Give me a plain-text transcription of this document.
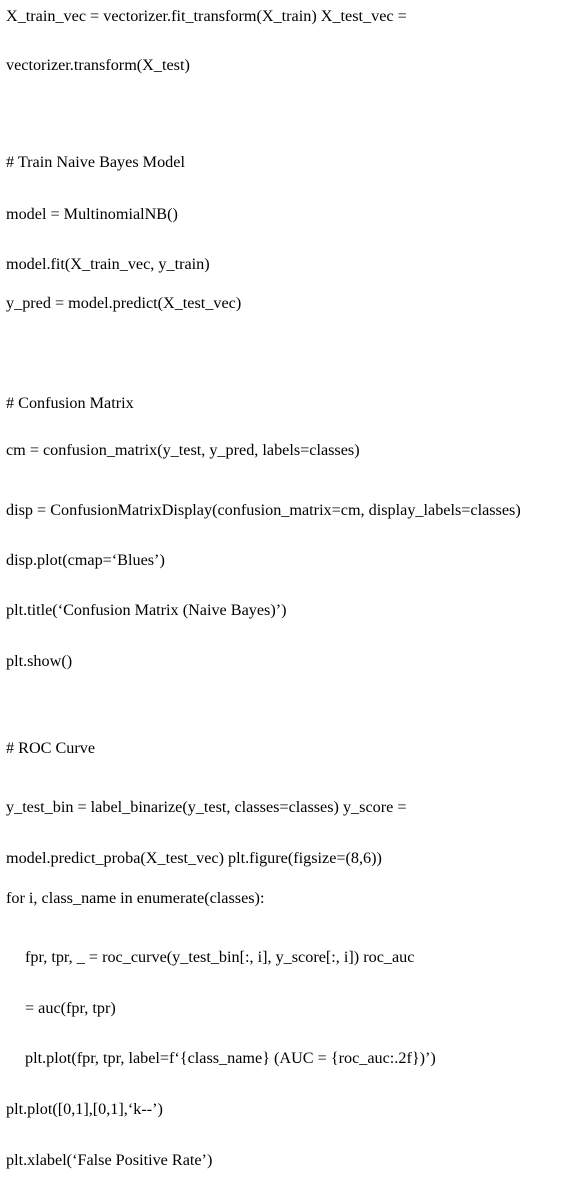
X_train_vec = vectorizer.fit_transform(X_train) X_test_vec =
vectorizer.transform(X_test)
# Train Naive Bayes Model
model = MultinomialNB()
model.fit(X_train_vec, y_train)
y_pred = model.predict(X_test_vec)
# Confusion Matrix
cm = confusion_matrix(y_test, y_pred, labels=classes)
disp = ConfusionMatrixDisplay(confusion_matrix=cm, display_labels=classes)
disp.plot(cmap=‘Blues’)
plt.title(‘Confusion Matrix (Naive Bayes)’)
plt.show()
# ROC Curve
y_test_bin = label_binarize(y_test, classes=classes) y_score =
model.predict_proba(X_test_vec) plt.figure(figsize=(8,6))
for i, class_name in enumerate(classes):
fpr, tpr, _ = roc_curve(y_test_bin[:, i], y_score[:, i]) roc_auc
= auc(fpr, tpr)
plt.plot(fpr, tpr, label=f‘{class_name} (AUC = {roc_auc:.2f})’)
plt.plot([0,1],[0,1],‘k--’)
plt.xlabel(‘False Positive Rate’)
